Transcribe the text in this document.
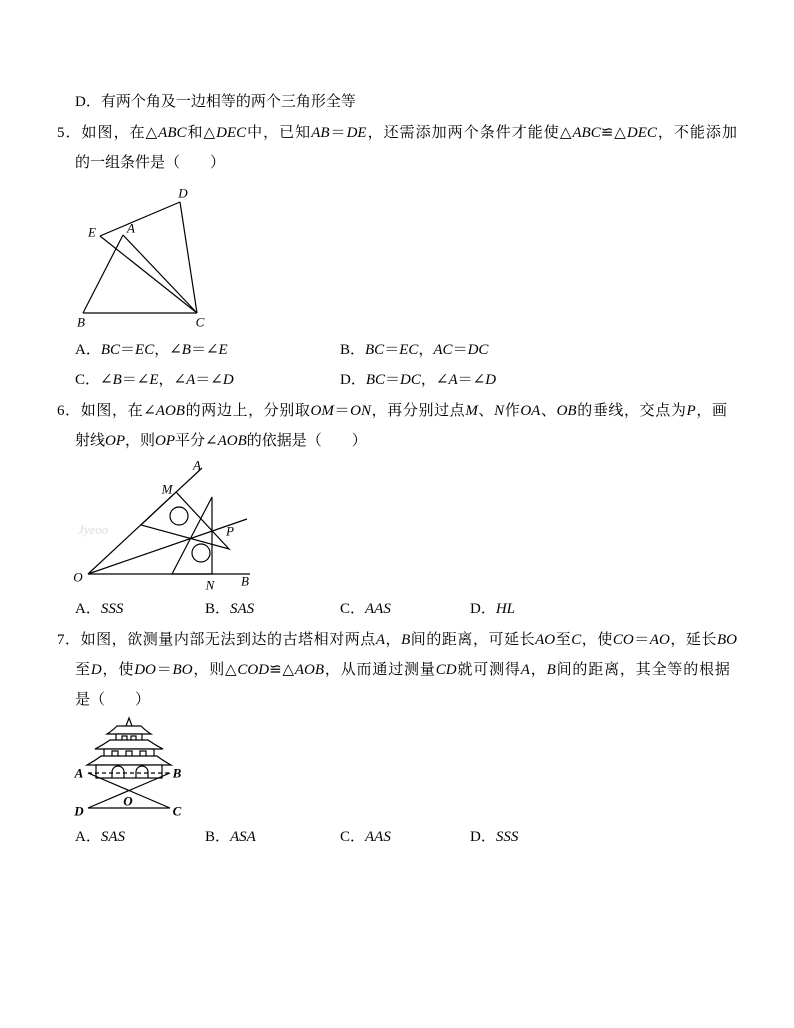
D．有两个角及一边相等的两个三角形全等
5．如图，在△ABC和△DEC中，已知AB＝DE，还需添加两个条件才能使△ABC≌△DEC，不能添加
的一组条件是（　　）
A．BC＝EC，∠B＝∠E	B．BC＝EC，AC＝DC
C．∠B＝∠E，∠A＝∠D	D．BC＝DC，∠A＝∠D
6．如图，在∠AOB的两边上，分别取OM＝ON，再分别过点M、N作OA、OB的垂线，交点为P，画
射线OP，则OP平分∠AOB的依据是（　　）
A．SSS	B．SAS	C．AAS	D．HL
7．如图，欲测量内部无法到达的古塔相对两点A，B间的距离，可延长AO至C，使CO＝AO，延长BO
至D，使DO＝BO，则△COD≌△AOB，从而通过测量CD就可测得A，B间的距离，其全等的根据
是（　　）
A．SAS	B．ASA	C．AAS	D．SSS
D
E A
B	C
Jyeoo
A
M
P
O
N B
A	B
D
O
C
